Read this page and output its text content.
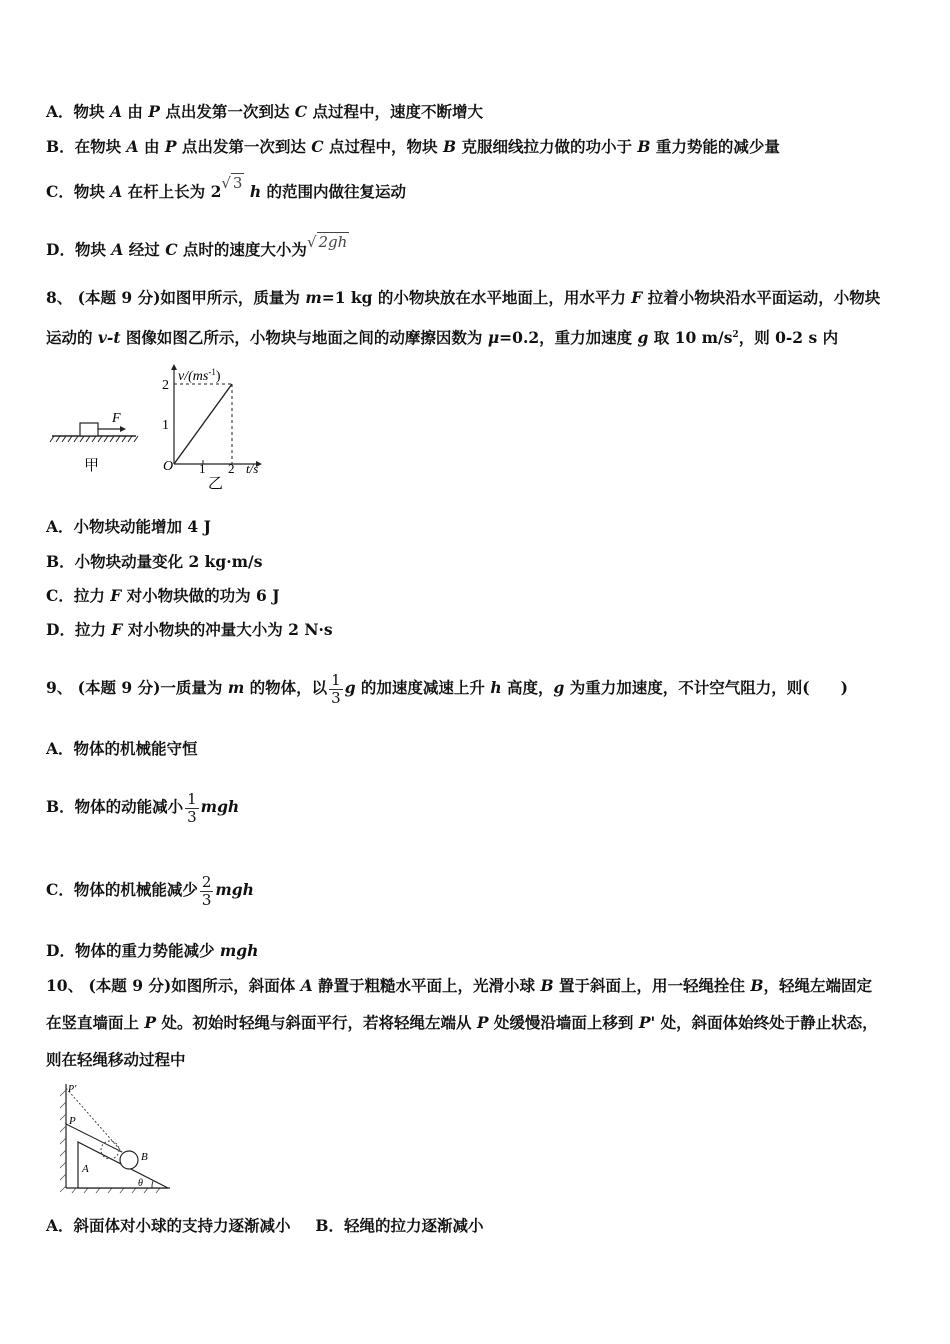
A．物块 A 由 P 点出发第一次到达 C 点过程中，速度不断增大
B．在物块 A 由 P 点出发第一次到达 C 点过程中，物块 B 克服细线拉力做的功小于 B 重力势能的减少量
C．物块 A 在杆上长为 2√ 3 h 的范围内做往复运动
D．物块 A 经过 C 点时的速度大小为√ 2gh
8、 (本题 9 分)如图甲所示，质量为 m=1 kg 的小物块放在水平地面上，用水平力 F 拉着小物块沿水平面运动，小物块
运动的 v-t 图像如图乙所示，小物块与地面之间的动摩擦因数为 μ=0.2，重力加速度 g 取 10 $m/s^2$，则 0-2 s 内
F
甲
$v/(ms^{-1})$
t/s
O
1
2
1 2
乙
A．小物块动能增加 4 J
B．小物块动量变化 2 kg·m/s
C．拉力 F 对小物块做的功为 6 J
D．拉力 F 对小物块的冲量大小为 2 N·s
9、 (本题 9 分)一质量为 m 的物体，以 $\frac{1}{3}$ g 的加速度减速上升 h 高度，g 为重力加速度，不计空气阻力，则(　　)
A．物体的机械能守恒
B．物体的动能减小 $\frac{1}{3}$ mgh
C．物体的机械能减少 $\frac{2}{3}$ mgh
D．物体的重力势能减少 mgh
10、 (本题 9 分)如图所示，斜面体 A 静置于粗糙水平面上，光滑小球 B 置于斜面上，用一轻绳拴住 B，轻绳左端固定
在竖直墙面上 P 处。初始时轻绳与斜面平行，若将轻绳左端从 P 处缓慢沿墙面上移到 P' 处，斜面体始终处于静止状态，
则在轻绳移动过程中
P'
P
A
B
θ
A．斜面体对小球的支持力逐渐减小 B．轻绳的拉力逐渐减小
